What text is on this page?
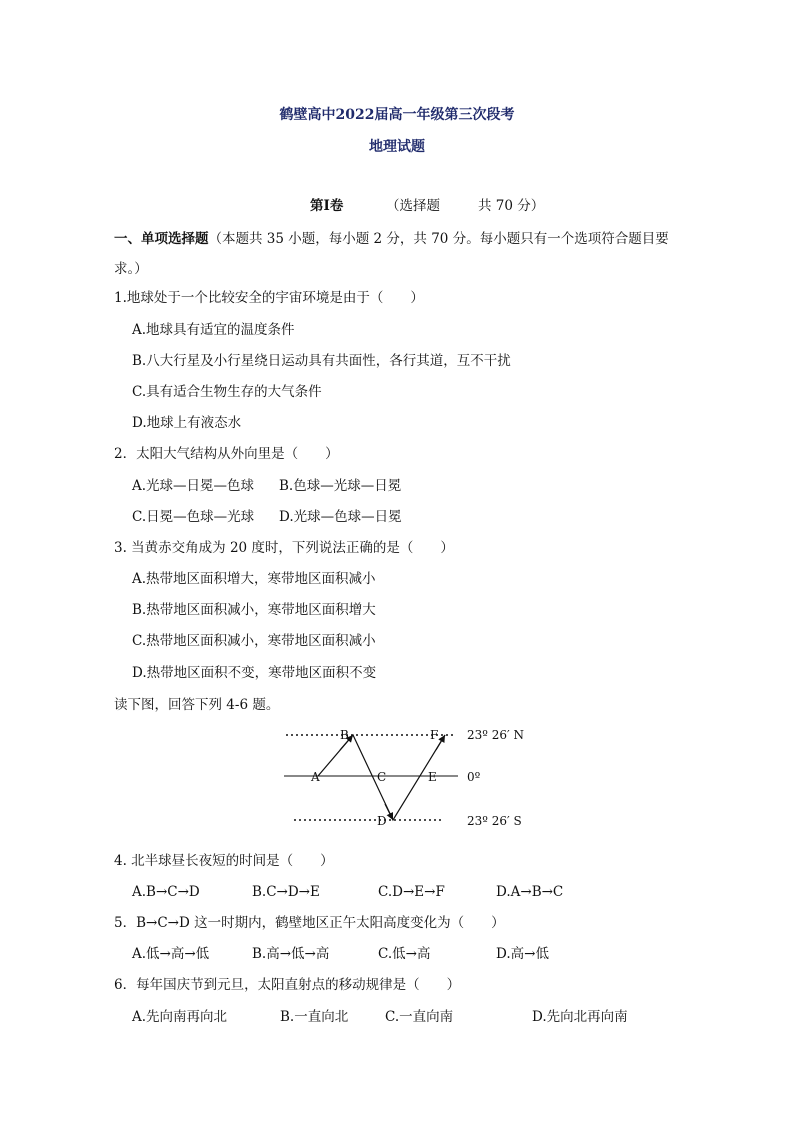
鹤壁高中2022届高一年级第三次段考
地理试题
第Ⅰ卷	（选择题	共 70 分）
一、单项选择题（本题共 35 小题，每小题 2 分，共 70 分。每小题只有一个选项符合题目要求。）
1.地球处于一个比较安全的宇宙环境是由于（　　）
A.地球具有适宜的温度条件
B.八大行星及小行星绕日运动具有共面性，各行其道，互不干扰
C.具有适合生物生存的大气条件
D.地球上有液态水
2．太阳大气结构从外向里是（　　）
A.光球—日冕—色球 B.色球—光球—日冕
C.日冕—色球—光球 D.光球—色球—日冕
3. 当黄赤交角成为 20 度时，下列说法正确的是（　　）
A.热带地区面积增大，寒带地区面积减小
B.热带地区面积减小，寒带地区面积增大
C.热带地区面积减小，寒带地区面积减小
D.热带地区面积不变，寒带地区面积不变
读下图，回答下列 4-6 题。
A
B
C
D
E
F 23º 26′ N
0º
23º 26′ S
4. 北半球昼长夜短的时间是（　　）
A.B→C→D	B.C→D→E	C.D→E→F	D.A→B→C
5．B→C→D 这一时期内，鹤壁地区正午太阳高度变化为（　　）
A.低→高→低	B.高→低→高	C.低→高	D.高→低
6．每年国庆节到元旦，太阳直射点的移动规律是（　　）
A.先向南再向北	B.一直向北	C.一直向南	D.先向北再向南
